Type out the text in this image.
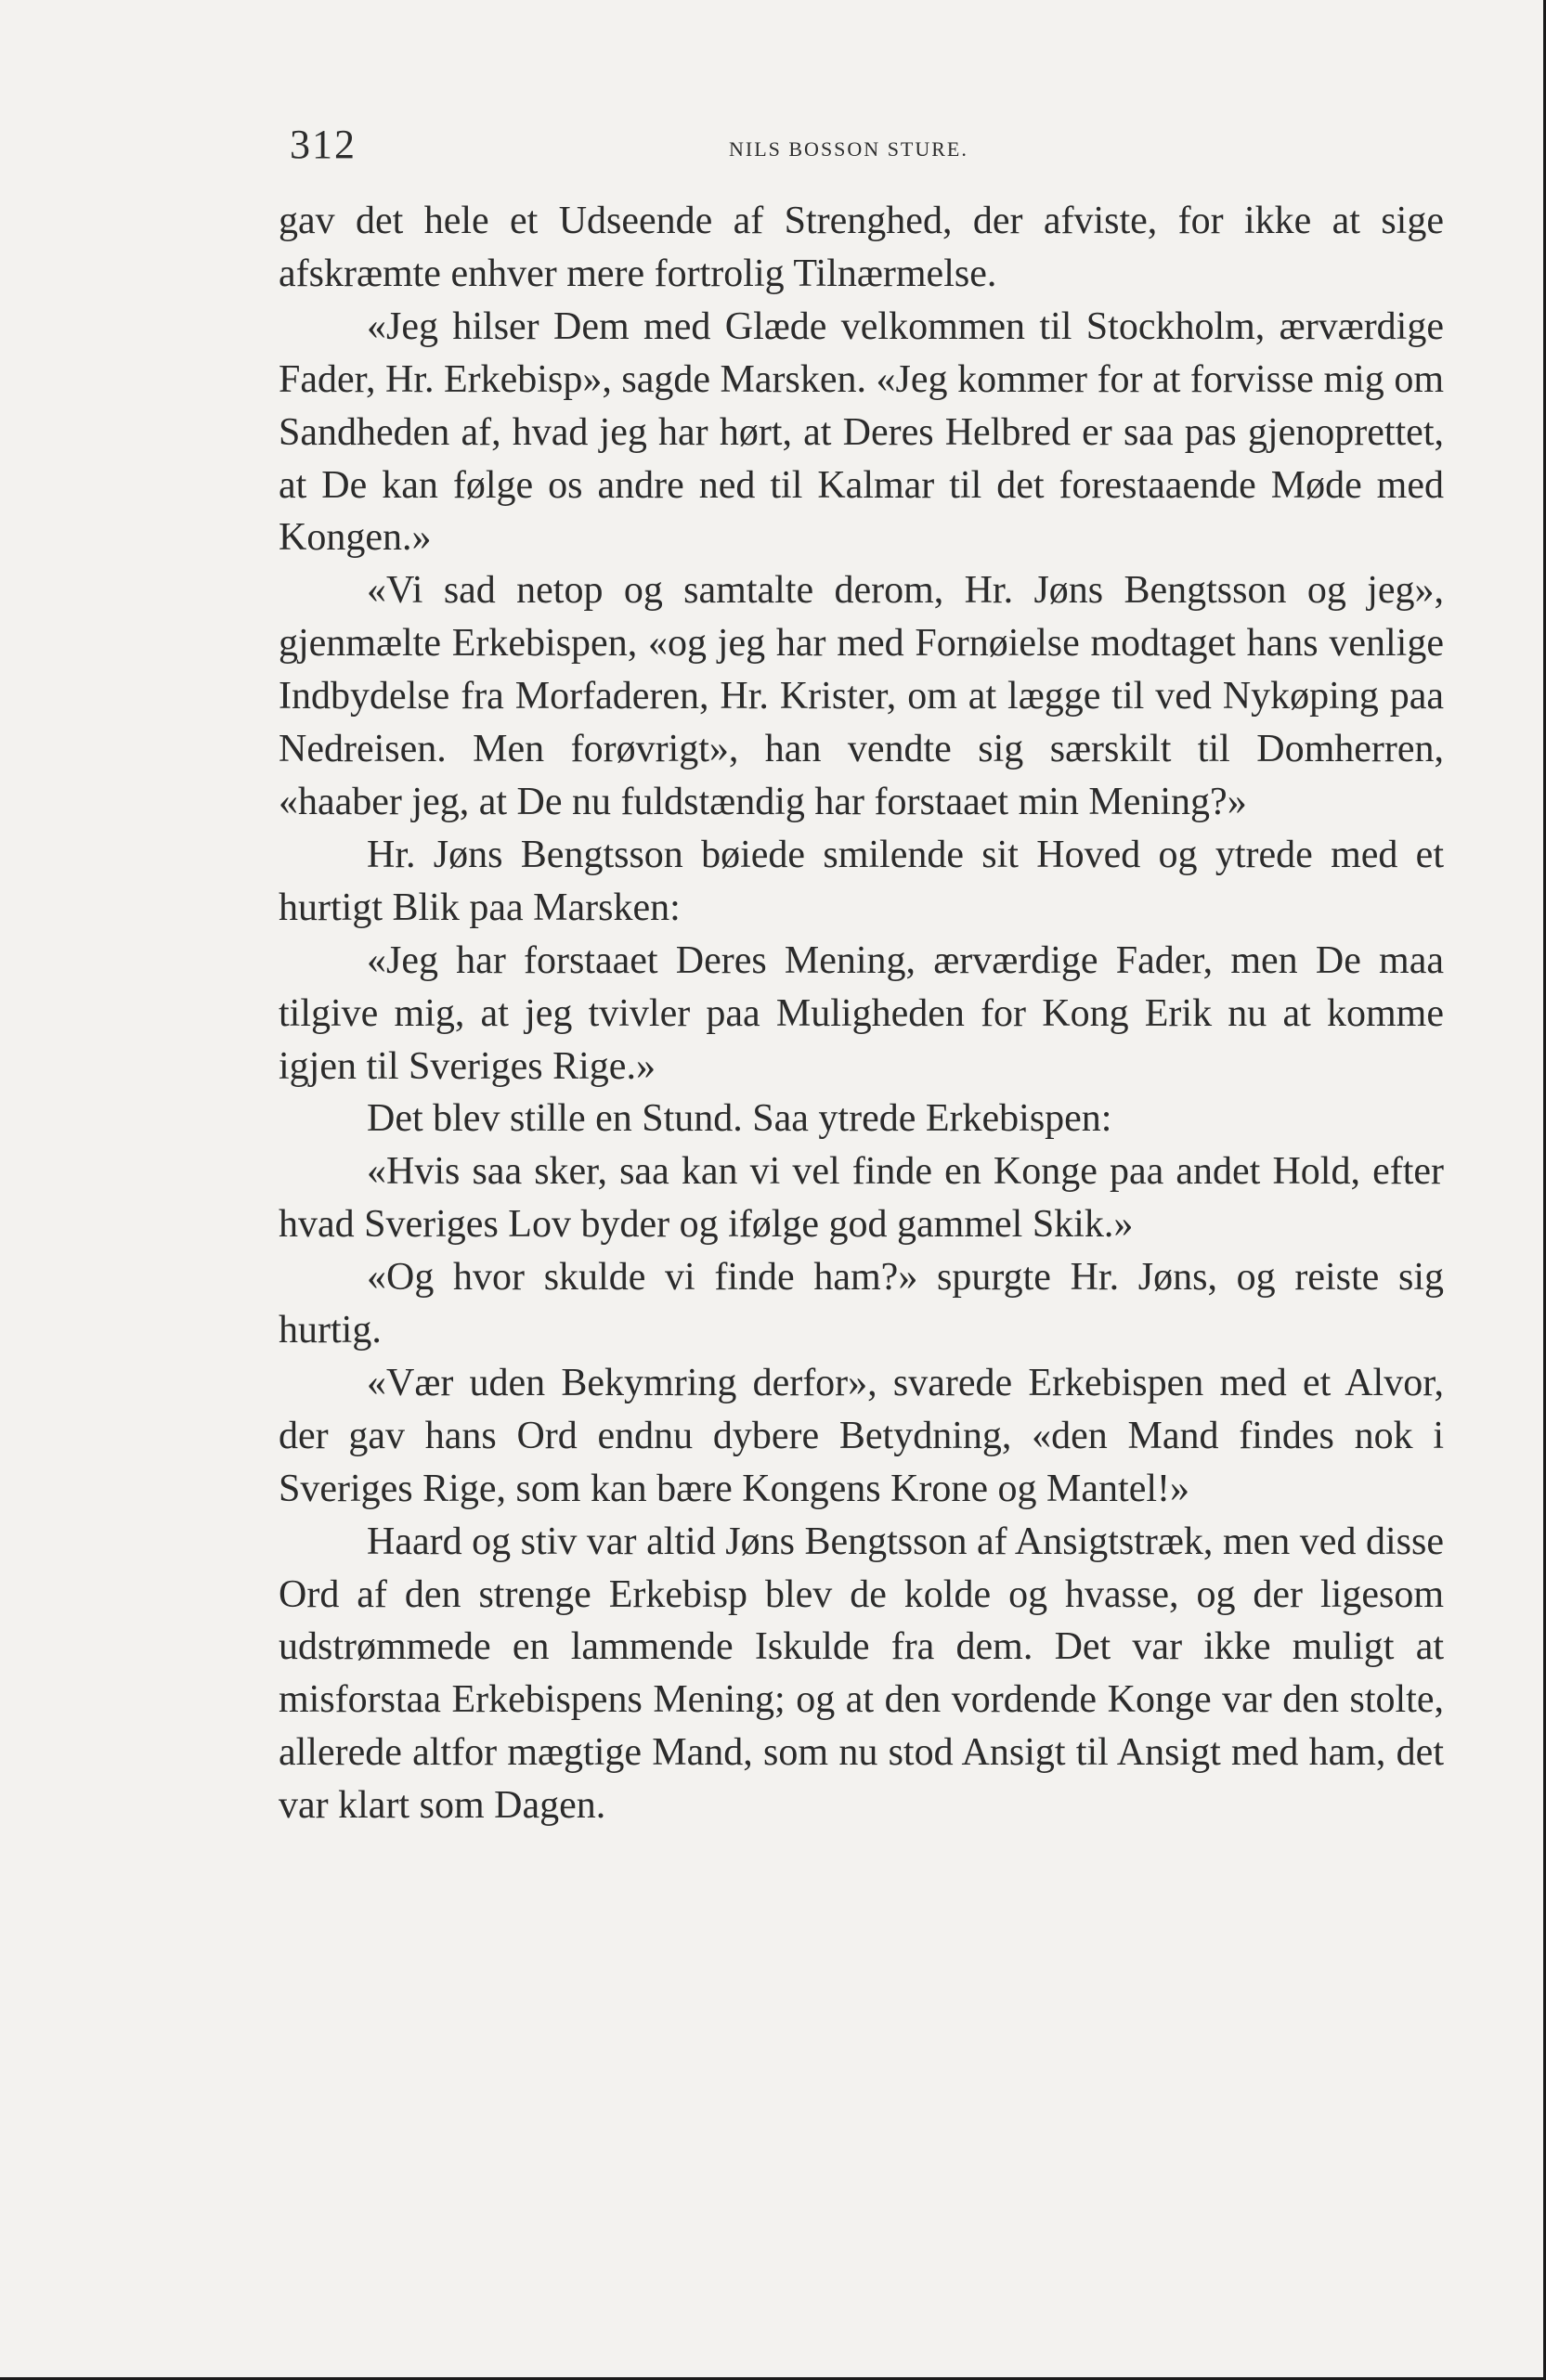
312	NILS BOSSON STURE.

gav det hele et Udseende af Strenghed, der afviste, for ikke at sige afskræmte enhver mere fortrolig Tilnærmelse.

«Jeg hilser Dem med Glæde velkommen til Stockholm, ærværdige Fader, Hr. Erkebisp», sagde Marsken. «Jeg kommer for at forvisse mig om Sandheden af, hvad jeg har hørt, at Deres Helbred er saa pas gjenoprettet, at De kan følge os andre ned til Kalmar til det forestaaende Møde med Kongen.»

«Vi sad netop og samtalte derom, Hr. Jøns Bengtsson og jeg», gjenmælte Erkebispen, «og jeg har med Fornøielse modtaget hans venlige Indbydelse fra Morfaderen, Hr. Krister, om at lægge til ved Nykøping paa Nedreisen. Men forøvrigt», han vendte sig særskilt til Domherren, «haaber jeg, at De nu fuldstændig har forstaaet min Mening?»

Hr. Jøns Bengtsson bøiede smilende sit Hoved og ytrede med et hurtigt Blik paa Marsken:

«Jeg har forstaaet Deres Mening, ærværdige Fader, men De maa tilgive mig, at jeg tvivler paa Muligheden for Kong Erik nu at komme igjen til Sveriges Rige.»

Det blev stille en Stund. Saa ytrede Erkebispen:

«Hvis saa sker, saa kan vi vel finde en Konge paa andet Hold, efter hvad Sveriges Lov byder og ifølge god gammel Skik.»

«Og hvor skulde vi finde ham?» spurgte Hr. Jøns, og reiste sig hurtig.

«Vær uden Bekymring derfor», svarede Erkebispen med et Alvor, der gav hans Ord endnu dybere Betydning, «den Mand findes nok i Sveriges Rige, som kan bære Kongens Krone og Mantel!»

Haard og stiv var altid Jøns Bengtsson af Ansigtstræk, men ved disse Ord af den strenge Erkebisp blev de kolde og hvasse, og der ligesom udstrømmede en lammende Iskulde fra dem. Det var ikke muligt at misforstaa Erkebispens Mening; og at den vordende Konge var den stolte, allerede altfor mægtige Mand, som nu stod Ansigt til Ansigt med ham, det var klart som Dagen.
